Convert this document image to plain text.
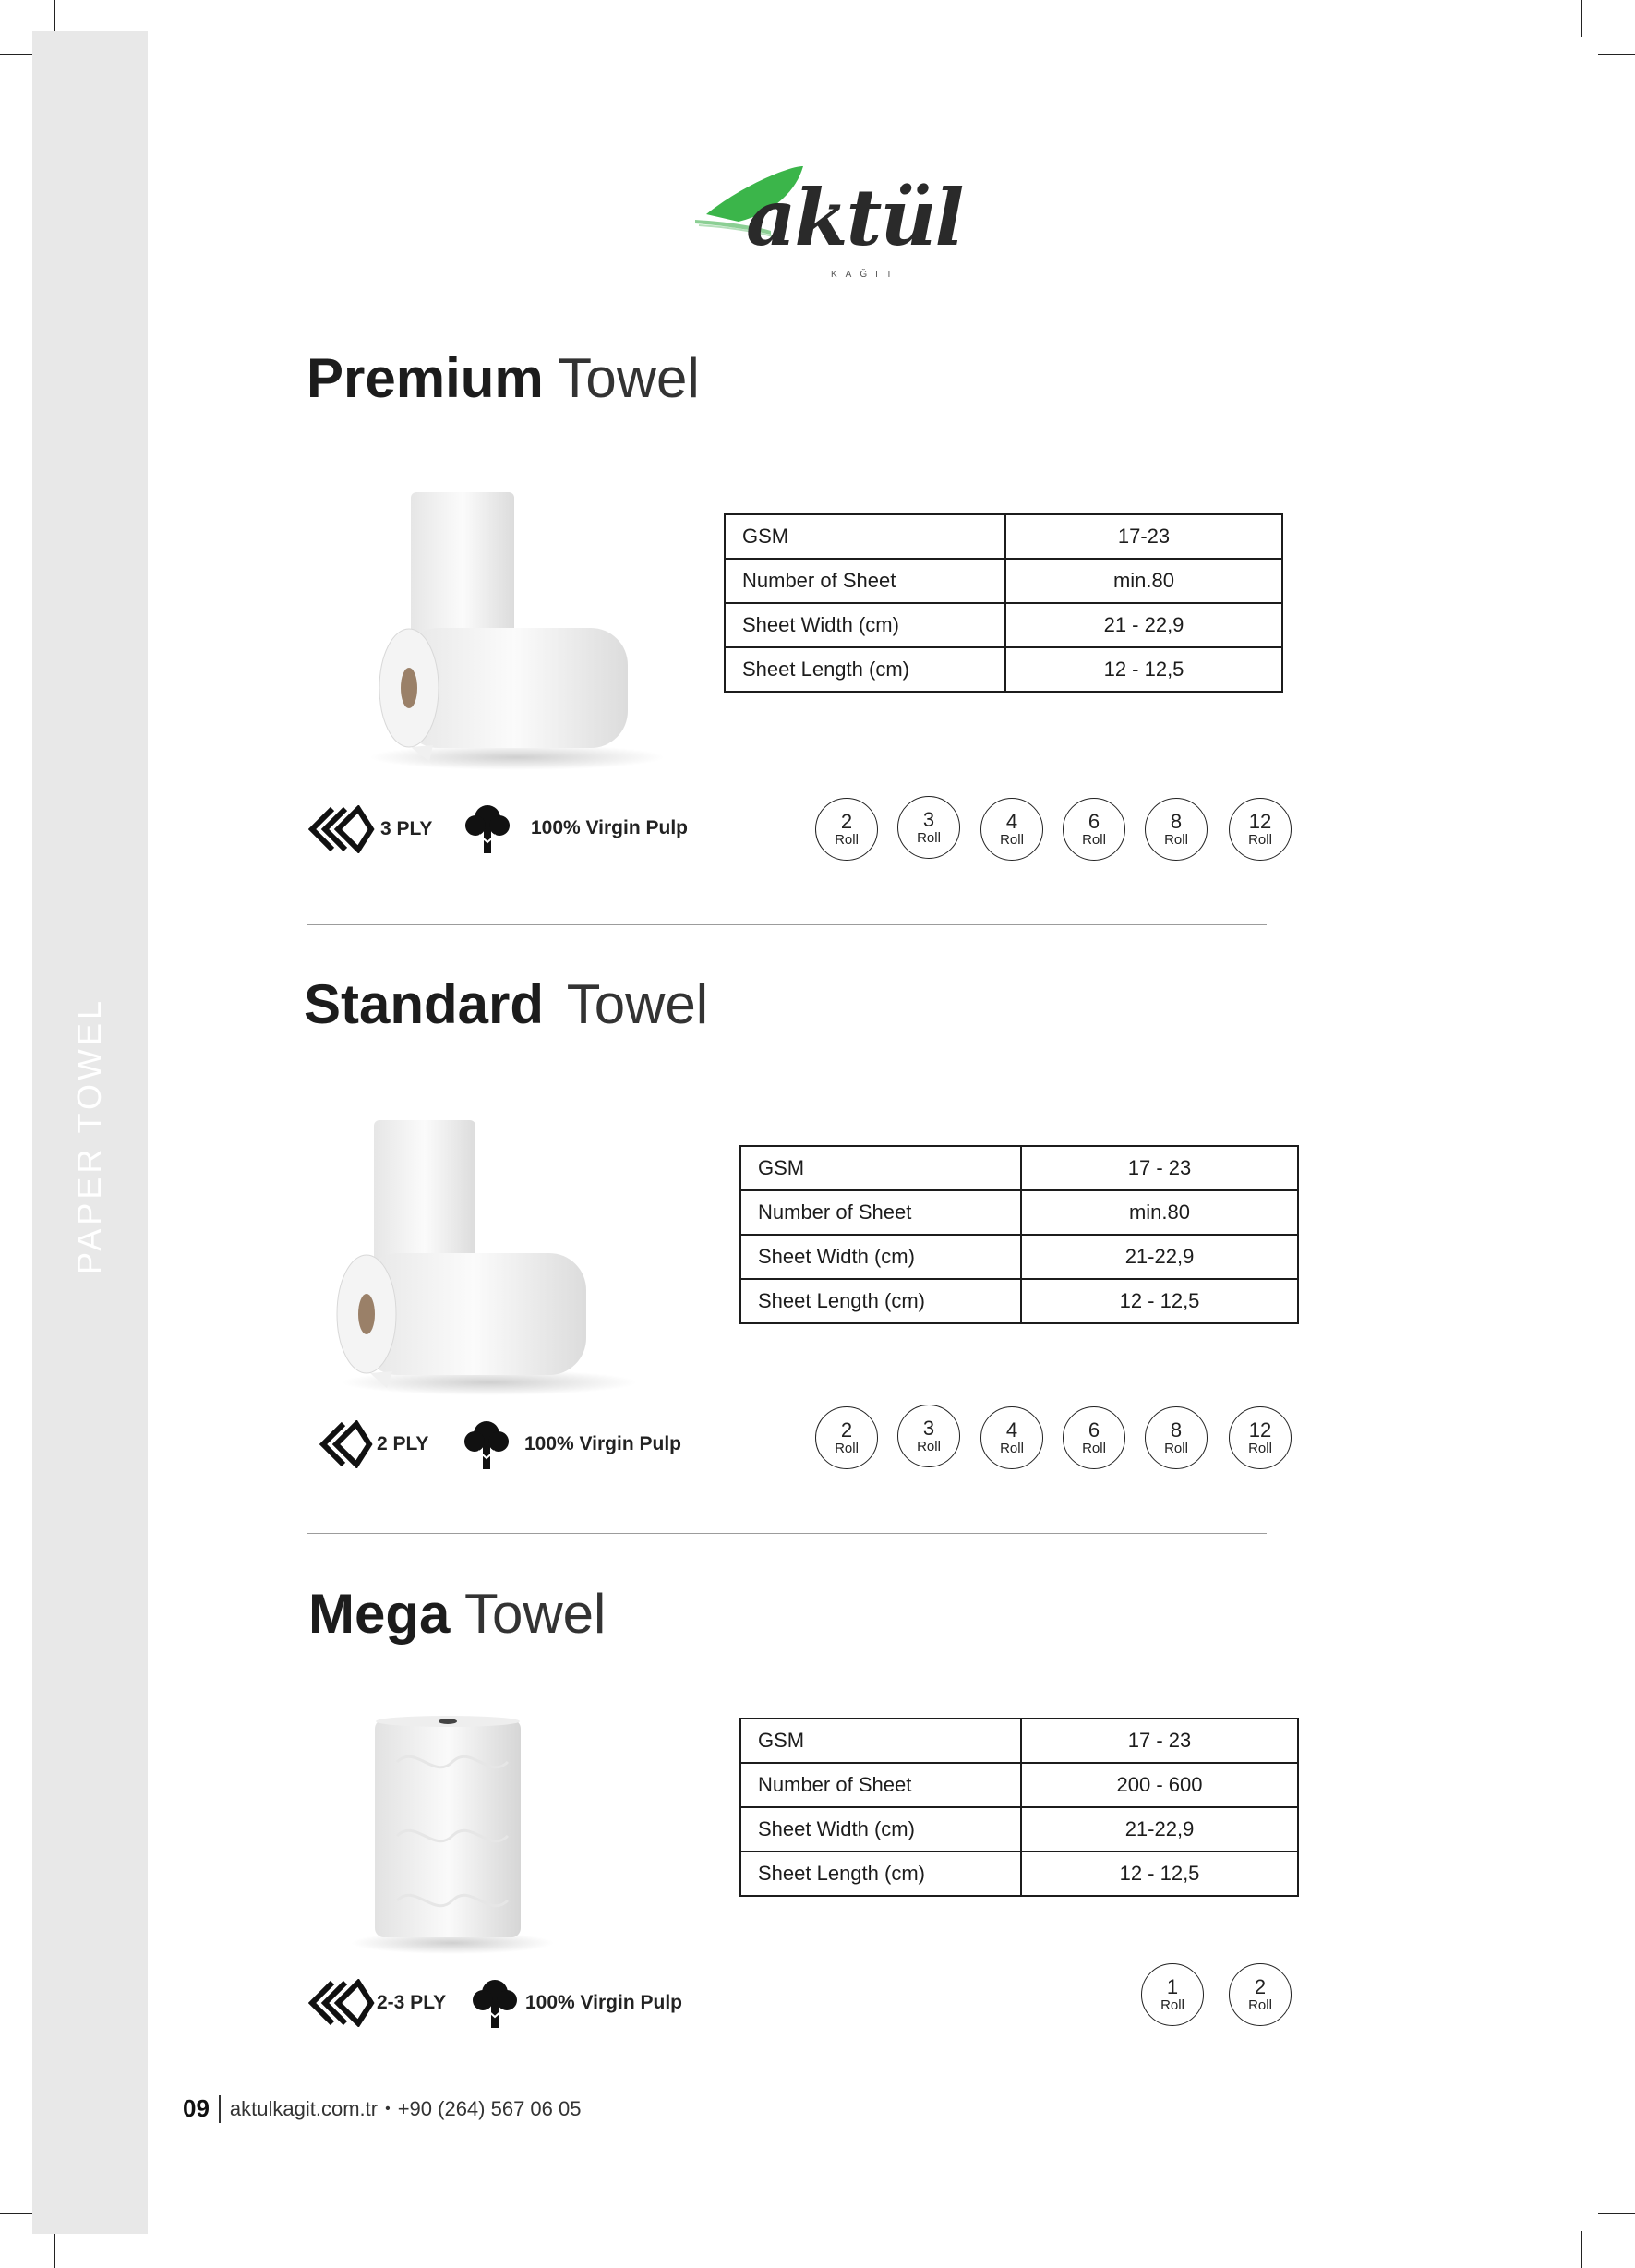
PAPER TOWEL
aktül
KAĞIT
Premium Towel
GSM	17-23
Number of Sheet	min.80
Sheet Width (cm)	21 - 22,9
Sheet Length (cm)	12 - 12,5
3 PLY	100% Virgin Pulp	2
Roll
3
Roll
4
Roll
6
Roll
8
Roll
12
Roll
Standard Towel
GSM	17 - 23
Number of Sheet	min.80
Sheet Width (cm)	21-22,9
Sheet Length (cm)	12 - 12,5
2 PLY	100% Virgin Pulp
2
Roll
3
Roll
4
Roll
6
Roll
8
Roll
12
Roll
Mega Towel
GSM	17 - 23
Number of Sheet	200 - 600
Sheet Width (cm)	21-22,9
Sheet Length (cm)	12 - 12,5
2-3 PLY	100% Virgin Pulp
1
Roll
2
Roll
09 aktulkagit.com.tr • +90 (264) 567 06 05
